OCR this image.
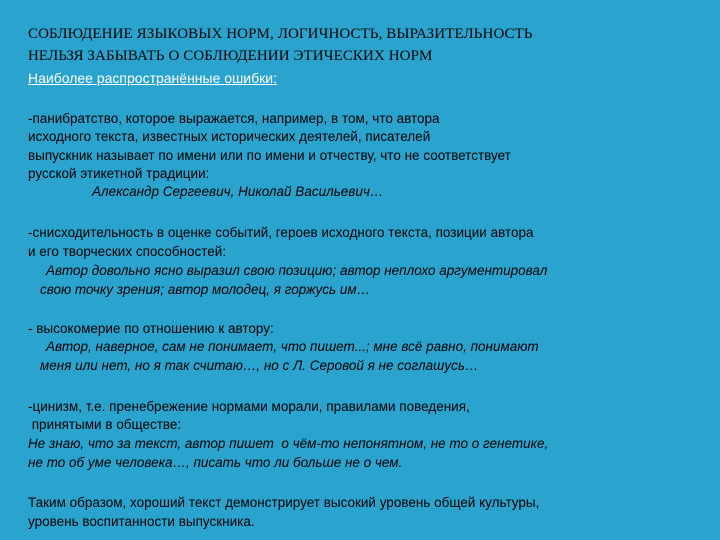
СОБЛЮДЕНИЕ ЯЗЫКОВЫХ НОРМ, ЛОГИЧНОСТЬ, ВЫРАЗИТЕЛЬНОСТЬ
НЕЛЬЗЯ ЗАБЫВАТЬ О СОБЛЮДЕНИИ ЭТИЧЕСКИХ НОРМ
Наиболее распространённые ошибки:
-панибратство, которое выражается, например, в том, что автора
исходного текста, известных исторических деятелей, писателей
выпускник называет по имени или по имени и отчеству, что не соответствует
русской этикетной традиции:
Александр Сергеевич, Николай Васильевич…
-снисходительность в оценке событий, героев исходного текста, позиции автора
и его творческих способностей:
Автор довольно ясно выразил свою позицию; автор неплохо аргументировал
свою точку зрения; автор молодец, я горжусь им…
- высокомерие по отношению к автору:
Автор, наверное, сам не понимает, что пишет...; мне всё равно, понимают
меня или нет, но я так считаю…, но с Л. Серовой я не соглашусь…
-цинизм, т.е. пренебрежение нормами морали, правилами поведения,
принятыми в обществе:
Не знаю, что за текст, автор пишет  о чём-то непонятном, не то о генетике,
не то об уме человека…, писать что ли больше не о чем.
Таким образом, хороший текст демонстрирует высокий уровень общей культуры,
уровень воспитанности выпускника.
